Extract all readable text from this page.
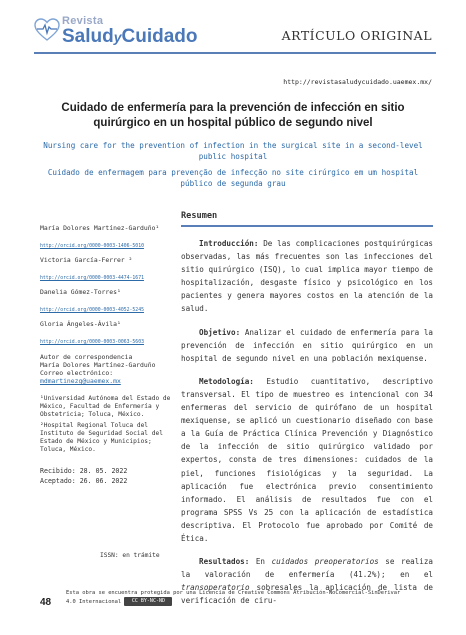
Revista
SaludyCuidado	ARTÍCULO ORIGINAL
http://revistasaludycuidado.uaemex.mx/
Cuidado de enfermería para la prevención de infección en sitio quirúrgico en un hospital público de segundo nivel
Nursing care for the prevention of infection in the surgical site in a second-level public hospital
Cuidado de enfermagem para prevenção de infecção no site cirúrgico em um hospital público de segunda grau
María Dolores Martínez-Garduño¹
http://orcid.org/0000-0003-1406-5010
Victoria García-Ferrer ²
http://orcid.org/0000-0003-4474-1671
Danelia Gómez-Torres¹
http://orcid.org/0000-0003-4052-5245
Gloria Ángeles-Ávila¹
http://orcid.org/0000-0003-0063-5603
Autor de correspondencia
María Dolores Martínez-Garduño
Correo electrónico:
mdmartinezg@uaemex.mx

¹Universidad Autónoma del Estado de México, Facultad de Enfermería y Obstetricia; Toluca, México.

²Hospital Regional Toluca del Instituto de Seguridad Social del Estado de México y Municipios; Toluca, México.

Recibido: 28. 05. 2022
Aceptado: 26. 06. 2022
ISSN: en trámite
Resumen

Introducción: De las complicaciones postquirúrgicas observadas, las más frecuentes son las infecciones del sitio quirúrgico (ISQ), lo cual implica mayor tiempo de hospitalización, desgaste físico y psicológico en los pacientes y genera mayores costos en la atención de la salud.

Objetivo: Analizar el cuidado de enfermería para la prevención de infección en sitio quirúrgico en un hospital de segundo nivel en una población mexiquense.

Metodología: Estudio cuantitativo, descriptivo transversal. El tipo de muestreo es intencional con 34 enfermeras del servicio de quirófano de un hospital mexiquense, se aplicó un cuestionario diseñado con base a la Guía de Práctica Clínica Prevención y Diagnóstico de la infección de sitio quirúrgico validado por expertos, consta de tres dimensiones: cuidados de la piel, funciones fisiológicas y la seguridad. La aplicación fue electrónica previo consentimiento informado. El análisis de resultados fue con el programa SPSS Vs 25 con la aplicación de estadística descriptiva. El Protocolo fue aprobado por Comité de Ética.

Resultados: En cuidados preoperatorios se realiza la valoración de enfermería (41.2%); en el transoperatorio sobresales la aplicación de lista de verificación de ciru-

48
Esta obra se encuentra protegida por una Licencia de Creative Commons Atribución-NoComercial-SinDerivar
4.0 Internacional CC BY-NC-ND
